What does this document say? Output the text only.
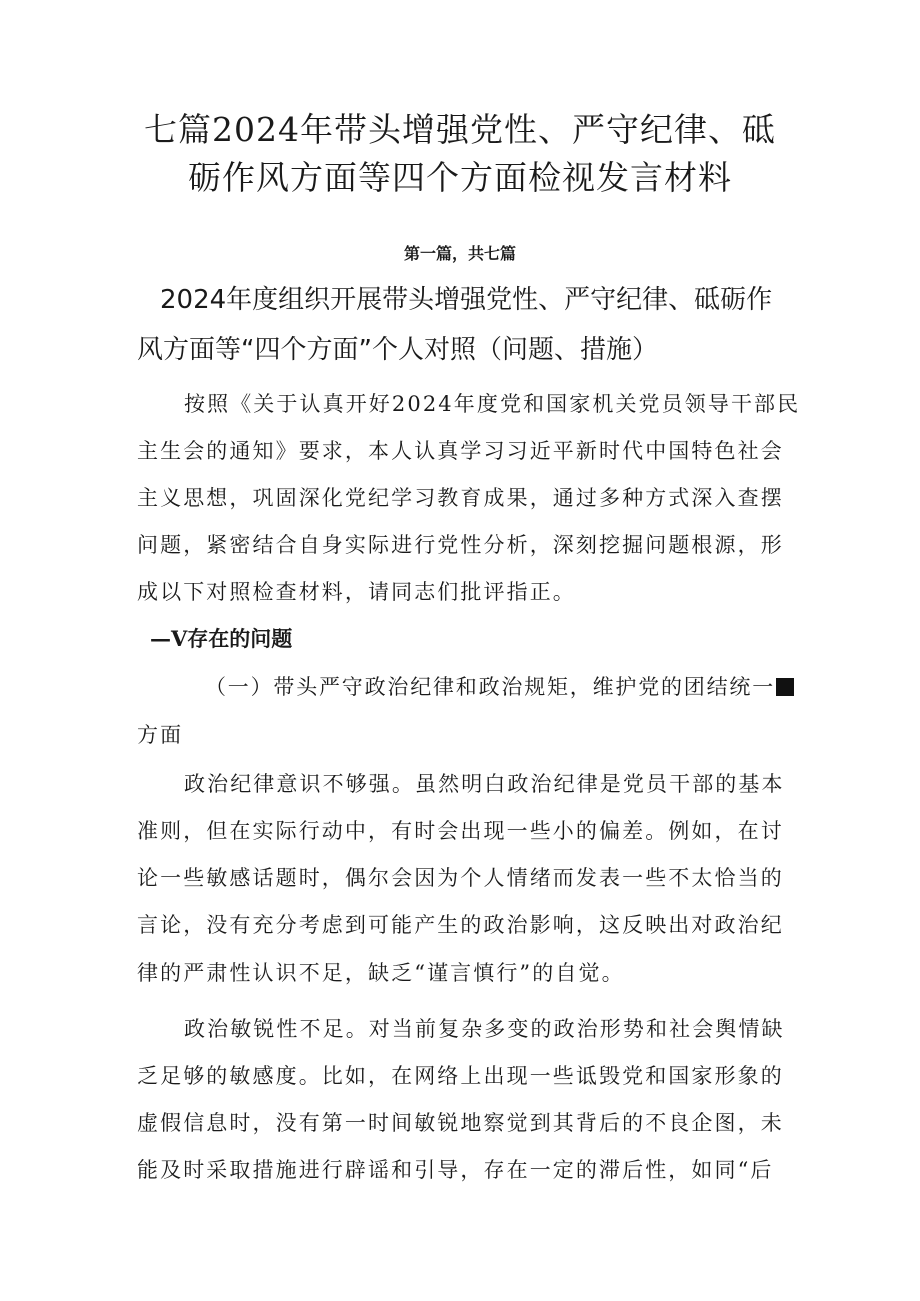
七篇2024年带头增强党性、严守纪律、砥
砺作风方面等四个方面检视发言材料
第一篇，共七篇
2024年度组织开展带头增强党性、严守纪律、砥砺作
风方面等“四个方面”个人对照（问题、措施）
按照《关于认真开好2024年度党和国家机关党员领导干部民
主生会的通知》要求，本人认真学习习近平新时代中国特色社会
主义思想，巩固深化党纪学习教育成果，通过多种方式深入查摆
问题，紧密结合自身实际进行党性分析，深刻挖掘问题根源，形
成以下对照检查材料，请同志们批评指正。
—V存在的问题
（一）带头严守政治纪律和政治规矩，维护党的团结统一
方面
政治纪律意识不够强。虽然明白政治纪律是党员干部的基本
准则，但在实际行动中，有时会出现一些小的偏差。例如，在讨
论一些敏感话题时，偶尔会因为个人情绪而发表一些不太恰当的
言论，没有充分考虑到可能产生的政治影响，这反映出对政治纪
律的严肃性认识不足，缺乏“谨言慎行”的自觉。
政治敏锐性不足。对当前复杂多变的政治形势和社会舆情缺
乏足够的敏感度。比如，在网络上出现一些诋毁党和国家形象的
虚假信息时，没有第一时间敏锐地察觉到其背后的不良企图，未
能及时采取措施进行辟谣和引导，存在一定的滞后性，如同“后
